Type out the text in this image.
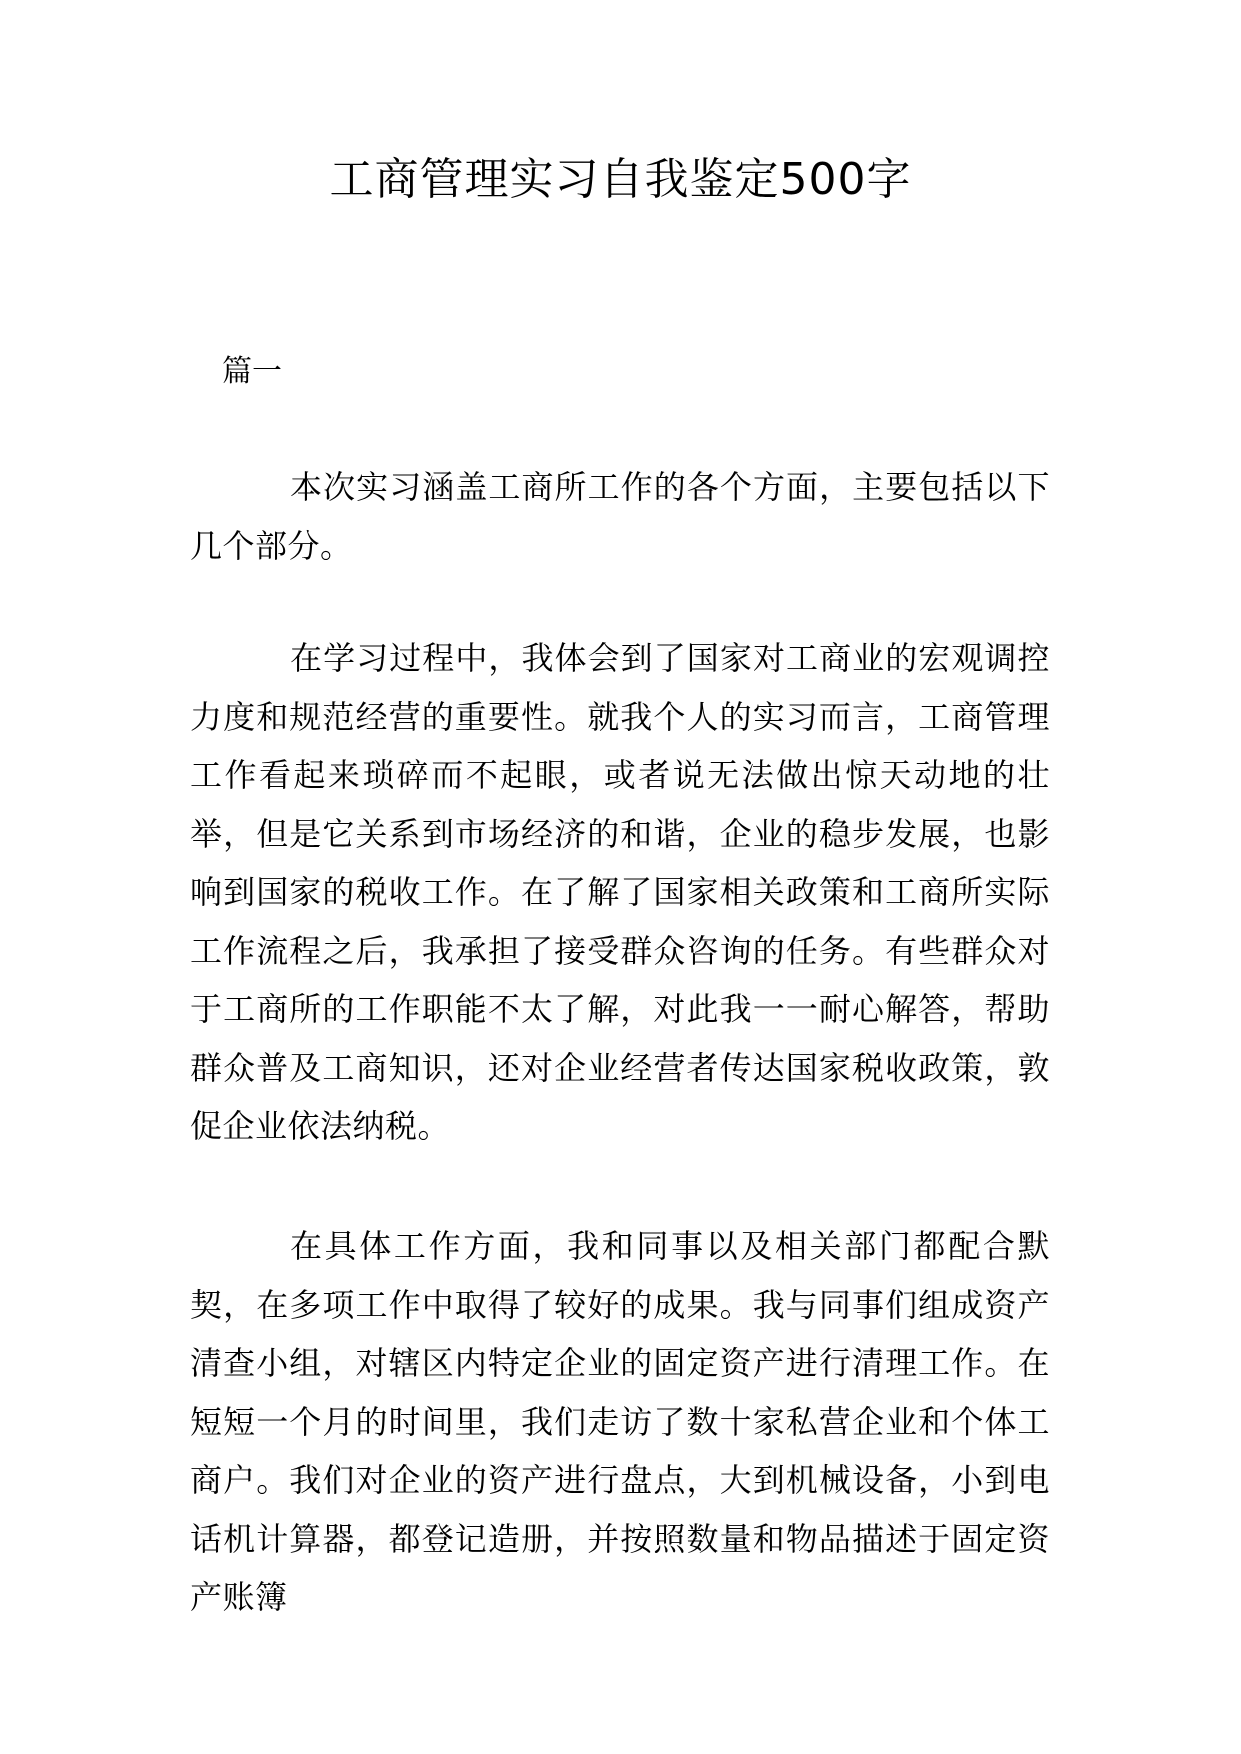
工商管理实习自我鉴定500字

篇一

本次实习涵盖工商所工作的各个方面，主要包括以下几个部分。

在学习过程中，我体会到了国家对工商业的宏观调控力度和规范经营的重要性。就我个人的实习而言，工商管理工作看起来琐碎而不起眼，或者说无法做出惊天动地的壮举，但是它关系到市场经济的和谐，企业的稳步发展，也影响到国家的税收工作。在了解了国家相关政策和工商所实际工作流程之后，我承担了接受群众咨询的任务。有些群众对于工商所的工作职能不太了解，对此我一一耐心解答，帮助群众普及工商知识，还对企业经营者传达国家税收政策，敦促企业依法纳税。

在具体工作方面，我和同事以及相关部门都配合默契，在多项工作中取得了较好的成果。我与同事们组成资产清查小组，对辖区内特定企业的固定资产进行清理工作。在短短一个月的时间里，我们走访了数十家私营企业和个体工商户。我们对企业的资产进行盘点，大到机械设备，小到电话机计算器，都登记造册，并按照数量和物品描述于固定资产账簿
